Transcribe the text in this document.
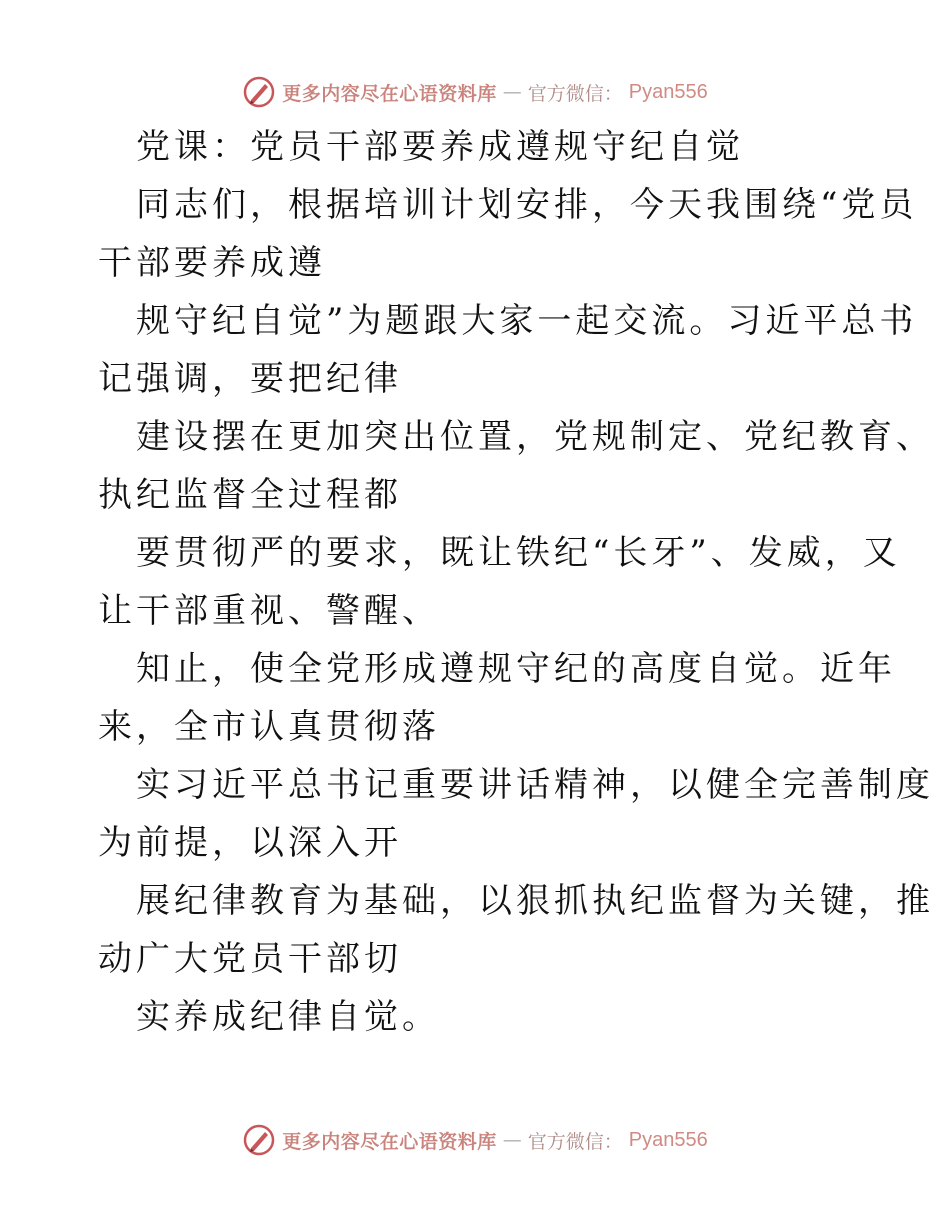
更多内容尽在心语资料库 — 官方微信： Pyan556
党课：党员干部要养成遵规守纪自觉
同志们，根据培训计划安排，今天我围绕“党员
干部要养成遵
规守纪自觉”为题跟大家一起交流。习近平总书
记强调，要把纪律
建设摆在更加突出位置，党规制定、党纪教育、
执纪监督全过程都
要贯彻严的要求，既让铁纪“长牙”、发威，又
让干部重视、警醒、
知止，使全党形成遵规守纪的高度自觉。近年
来，全市认真贯彻落
实习近平总书记重要讲话精神，以健全完善制度
为前提，以深入开
展纪律教育为基础，以狠抓执纪监督为关键，推
动广大党员干部切
实养成纪律自觉。
更多内容尽在心语资料库 — 官方微信： Pyan556
